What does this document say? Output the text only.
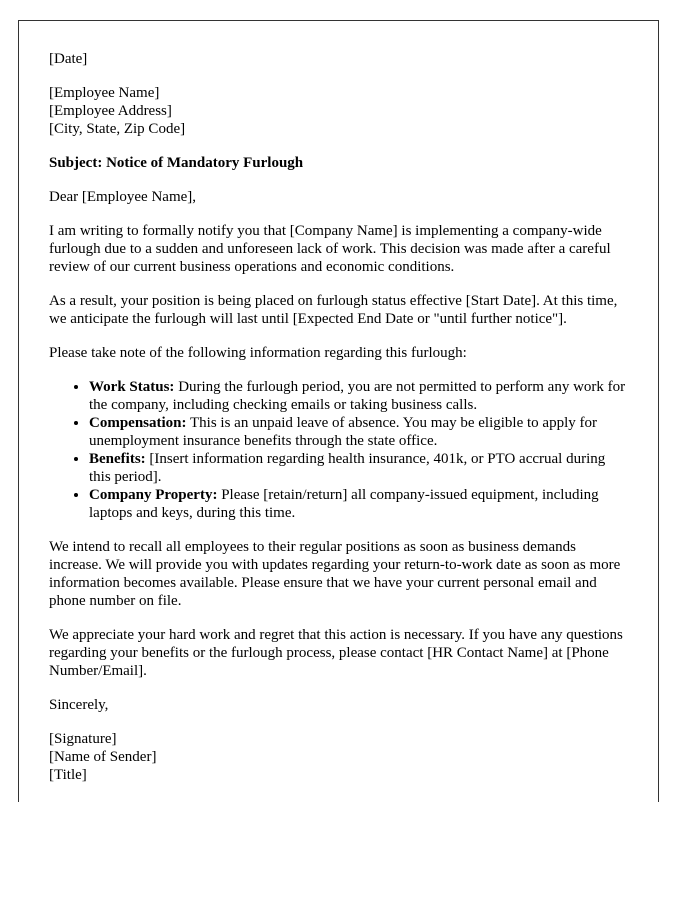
[Date]

[Employee Name]
[Employee Address]
[City, State, Zip Code]

Subject: Notice of Mandatory Furlough

Dear [Employee Name],

I am writing to formally notify you that [Company Name] is implementing a company-wide furlough due to a sudden and unforeseen lack of work. This decision was made after a careful review of our current business operations and economic conditions.

As a result, your position is being placed on furlough status effective [Start Date]. At this time, we anticipate the furlough will last until [Expected End Date or "until further notice"].

Please take note of the following information regarding this furlough:

• Work Status: During the furlough period, you are not permitted to perform any work for the company, including checking emails or taking business calls.
• Compensation: This is an unpaid leave of absence. You may be eligible to apply for unemployment insurance benefits through the state office.
• Benefits: [Insert information regarding health insurance, 401k, or PTO accrual during this period].
• Company Property: Please [retain/return] all company-issued equipment, including laptops and keys, during this time.

We intend to recall all employees to their regular positions as soon as business demands increase. We will provide you with updates regarding your return-to-work date as soon as more information becomes available. Please ensure that we have your current personal email and phone number on file.

We appreciate your hard work and regret that this action is necessary. If you have any questions regarding your benefits or the furlough process, please contact [HR Contact Name] at [Phone Number/Email].

Sincerely,

[Signature]
[Name of Sender]
[Title]
